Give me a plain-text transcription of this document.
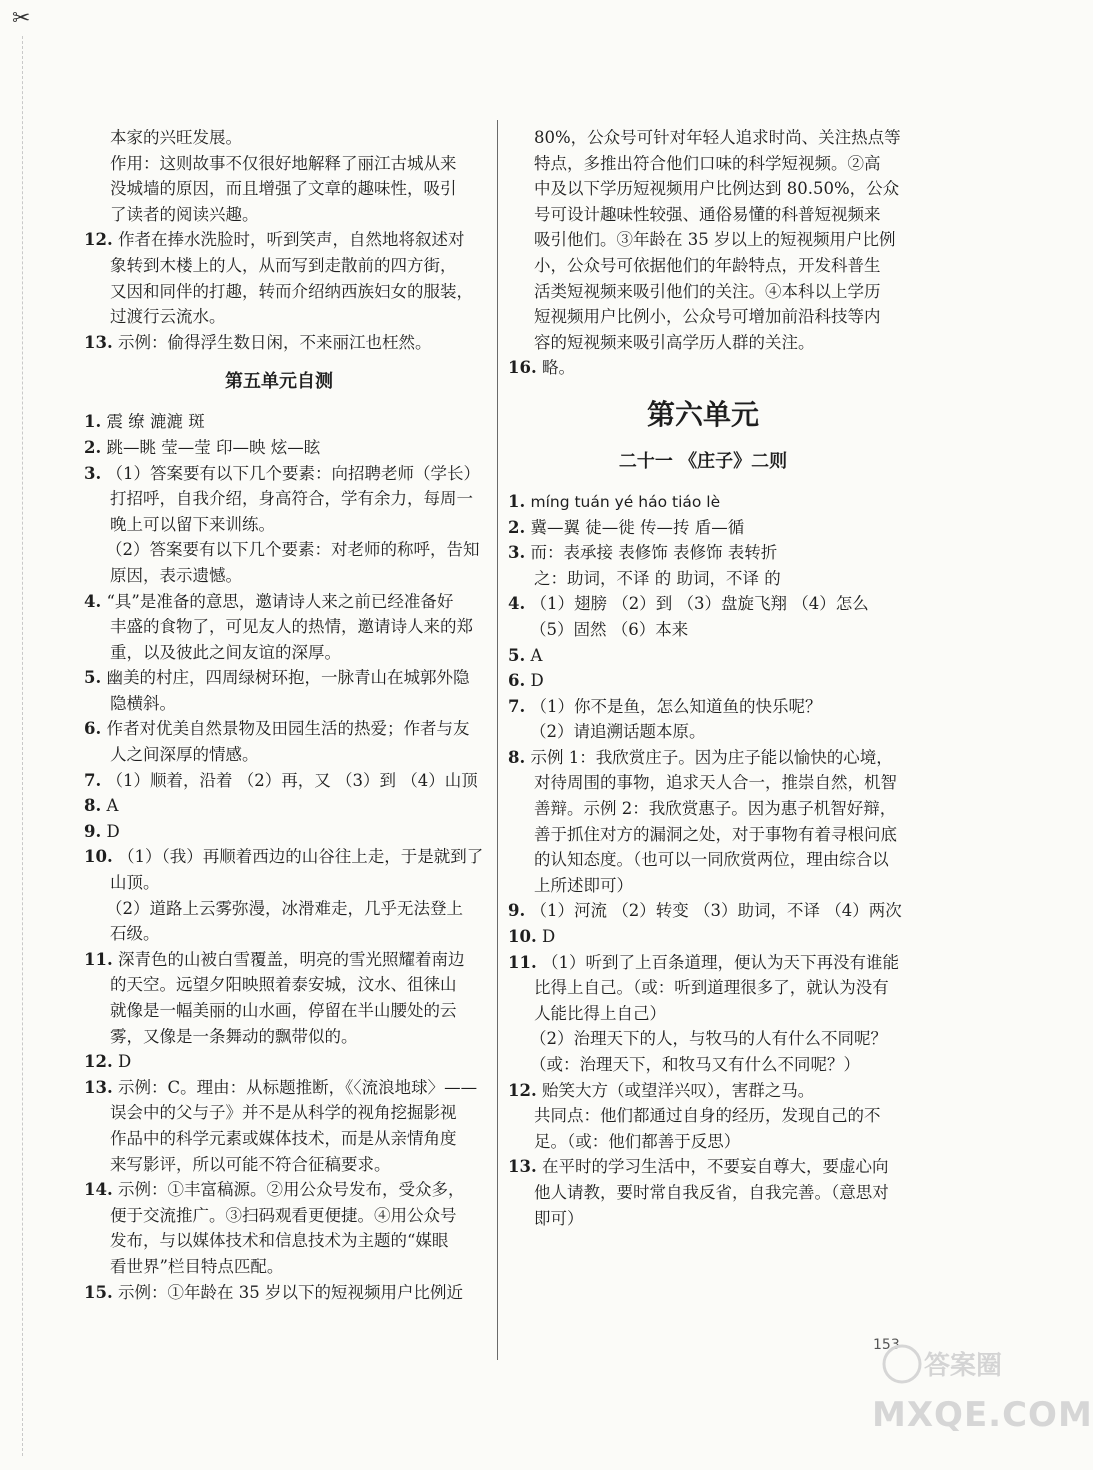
✂
本家的兴旺发展。
作用：这则故事不仅很好地解释了丽江古城从来
没城墙的原因，而且增强了文章的趣味性，吸引
了读者的阅读兴趣。
12. 作者在捧水洗脸时，听到笑声，自然地将叙述对
象转到木楼上的人，从而写到走散前的四方街，
又因和同伴的打趣，转而介绍纳西族妇女的服装，
过渡行云流水。
13. 示例：偷得浮生数日闲，不来丽江也枉然。
第五单元自测
1. 震 缭 漉漉 斑
2. 跳—眺 莹—莹 印—映 炫—眩
3. （1）答案要有以下几个要素：向招聘老师（学长）
打招呼，自我介绍，身高符合，学有余力，每周一
晚上可以留下来训练。
（2）答案要有以下几个要素：对老师的称呼，告知
原因，表示遗憾。
4. “具”是准备的意思，邀请诗人来之前已经准备好
丰盛的食物了，可见友人的热情，邀请诗人来的郑
重，以及彼此之间友谊的深厚。
5. 幽美的村庄，四周绿树环抱，一脉青山在城郭外隐
隐横斜。
6. 作者对优美自然景物及田园生活的热爱；作者与友
人之间深厚的情感。
7. （1）顺着，沿着 （2）再，又 （3）到 （4）山顶
8. A
9. D
10. （1）（我）再顺着西边的山谷往上走，于是就到了
山顶。
（2）道路上云雾弥漫，冰滑难走，几乎无法登上
石级。
11. 深青色的山被白雪覆盖，明亮的雪光照耀着南边
的天空。远望夕阳映照着泰安城，汶水、徂徕山
就像是一幅美丽的山水画，停留在半山腰处的云
雾，又像是一条舞动的飘带似的。
12. D
13. 示例：C。理由：从标题推断，《〈流浪地球〉——
误会中的父与子》并不是从科学的视角挖掘影视
作品中的科学元素或媒体技术，而是从亲情角度
来写影评，所以可能不符合征稿要求。
14. 示例：①丰富稿源。②用公众号发布，受众多，
便于交流推广。③扫码观看更便捷。④用公众号
发布，与以媒体技术和信息技术为主题的“媒眼
看世界”栏目特点匹配。
15. 示例：①年龄在 35 岁以下的短视频用户比例近
80%，公众号可针对年轻人追求时尚、关注热点等
特点，多推出符合他们口味的科学短视频。②高
中及以下学历短视频用户比例达到 80.50%，公众
号可设计趣味性较强、通俗易懂的科普短视频来
吸引他们。③年龄在 35 岁以上的短视频用户比例
小，公众号可依据他们的年龄特点，开发科普生
活类短视频来吸引他们的关注。④本科以上学历
短视频用户比例小，公众号可增加前沿科技等内
容的短视频来吸引高学历人群的关注。
16. 略。
第六单元
二十一 《庄子》二则
1. míng tuán yé háo tiáo lè
2. 冀—翼 徒—徙 传—抟 盾—循
3. 而：表承接 表修饰 表修饰 表转折
之：助词，不译 的 助词，不译 的
4. （1）翅膀 （2）到 （3）盘旋飞翔 （4）怎么
（5）固然 （6）本来
5. A
6. D
7. （1）你不是鱼，怎么知道鱼的快乐呢？
（2）请追溯话题本原。
8. 示例 1：我欣赏庄子。因为庄子能以愉快的心境，
对待周围的事物，追求天人合一，推崇自然，机智
善辩。示例 2：我欣赏惠子。因为惠子机智好辩，
善于抓住对方的漏洞之处，对于事物有着寻根问底
的认知态度。（也可以一同欣赏两位，理由综合以
上所述即可）
9. （1）河流 （2）转变 （3）助词，不译 （4）两次
10. D
11. （1）听到了上百条道理，便认为天下再没有谁能
比得上自己。（或：听到道理很多了，就认为没有
人能比得上自己）
（2）治理天下的人，与牧马的人有什么不同呢？
（或：治理天下，和牧马又有什么不同呢？）
12. 贻笑大方（或望洋兴叹），害群之马。
共同点：他们都通过自身的经历，发现自己的不
足。（或：他们都善于反思）
13. 在平时的学习生活中，不要妄自尊大，要虚心向
他人请教，要时常自我反省，自我完善。（意思对
即可）
153
答案圈
MXQE.COM
